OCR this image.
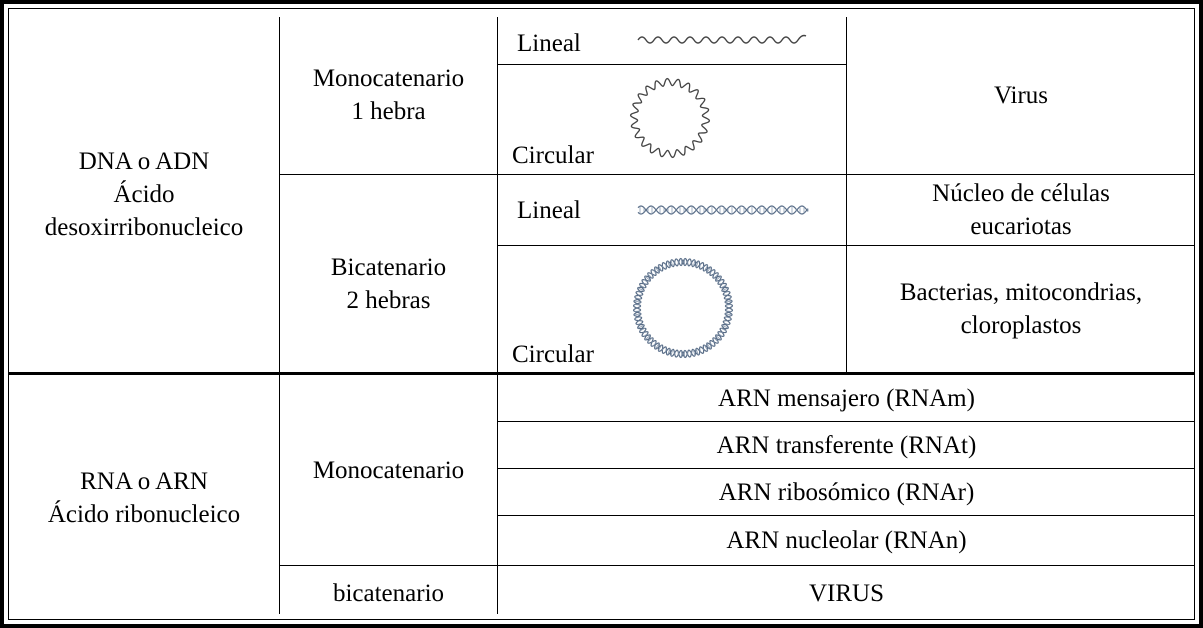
DNA o ADN
Ácido
desoxirribonucleico
Monocatenario
1 hebra
Bicatenario
2 hebras
Lineal
Circular
Lineal
Circular
Virus
Núcleo de células
eucariotas
Bacterias, mitocondrias,
cloroplastos
RNA o ARN
Ácido ribonucleico
Monocatenario
bicatenario
ARN mensajero (RNAm)
ARN transferente (RNAt)
ARN ribosómico (RNAr)
ARN nucleolar (RNAn)
VIRUS
